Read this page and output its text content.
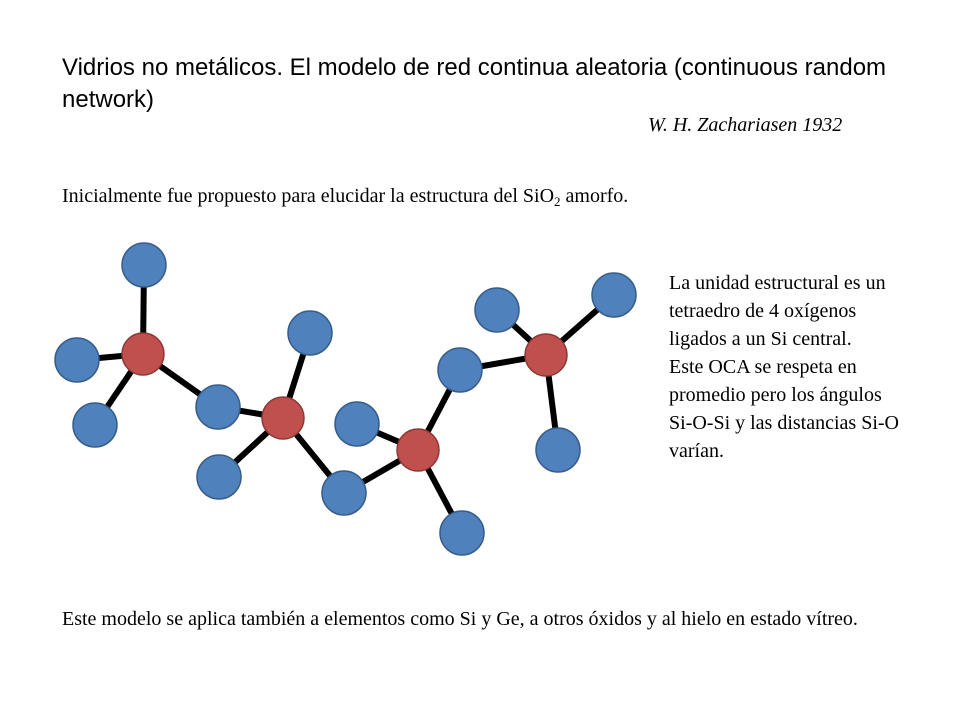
Vidrios no metálicos. El modelo de red continua aleatoria (continuous random network)
W. H. Zachariasen 1932
Inicialmente fue propuesto para elucidar la estructura del SiO$_2$ amorfo.
La unidad estructural es un
tetraedro de 4 oxígenos
ligados a un Si central.
Este OCA se respeta en
promedio pero los ángulos
Si-O-Si y las distancias Si-O
varían.
Este modelo se aplica también a elementos como Si y Ge, a otros óxidos y al hielo en estado vítreo.
